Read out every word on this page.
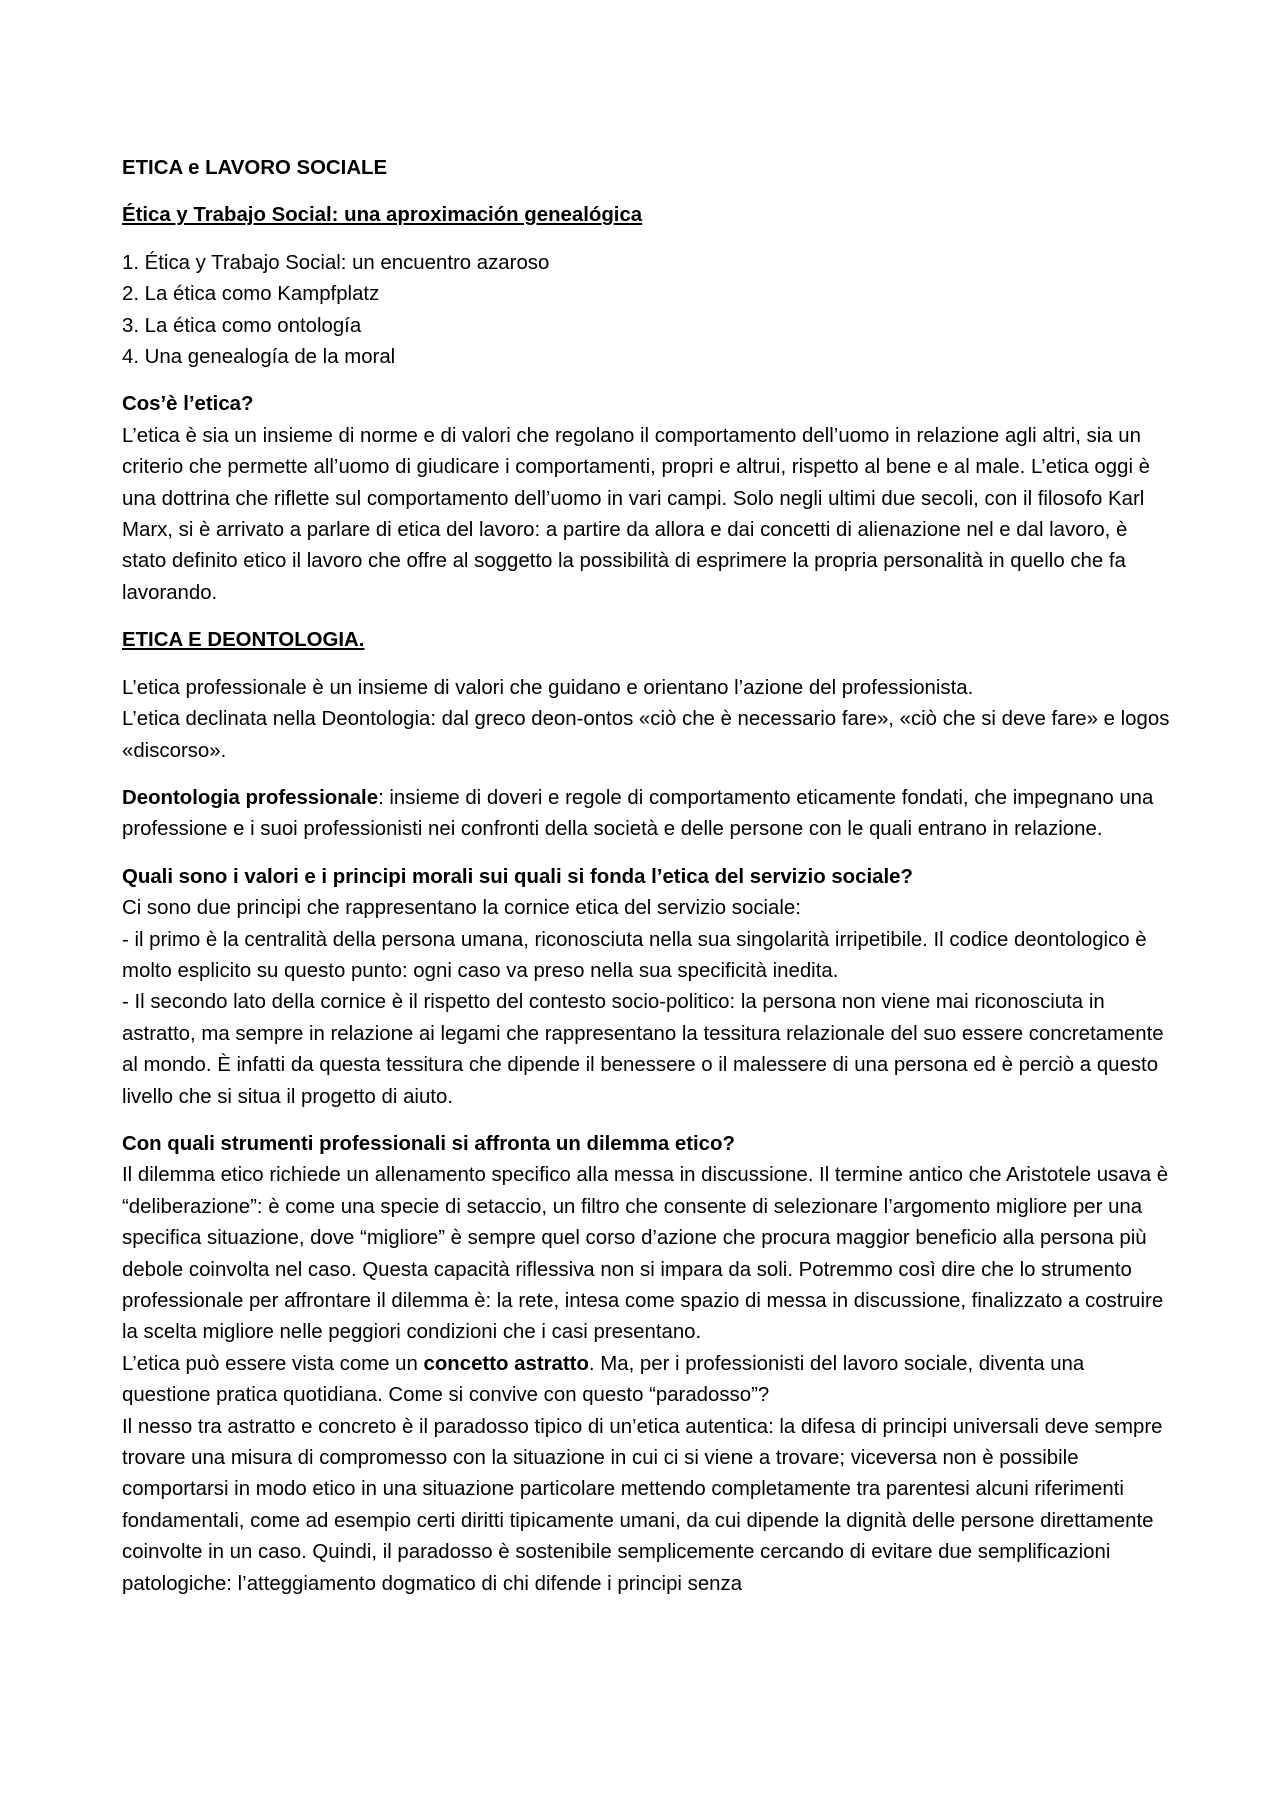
ETICA e LAVORO SOCIALE
Ética y Trabajo Social: una aproximación genealógica
1. Ética y Trabajo Social: un encuentro azaroso
2. La ética como Kampfplatz
3. La ética como ontología
4. Una genealogía de la moral
Cos’è l’etica?
L’etica è sia un insieme di norme e di valori che regolano il comportamento dell’uomo in relazione agli altri, sia un criterio che permette all’uomo di giudicare i comportamenti, propri e altrui, rispetto al bene e al male. L’etica oggi è una dottrina che riflette sul comportamento dell’uomo in vari campi. Solo negli ultimi due secoli, con il filosofo Karl Marx, si è arrivato a parlare di etica del lavoro: a partire da allora e dai concetti di alienazione nel e dal lavoro, è stato definito etico il lavoro che offre al soggetto la possibilità di esprimere la propria personalità in quello che fa lavorando.
ETICA E DEONTOLOGIA.
L’etica professionale è un insieme di valori che guidano e orientano l’azione del professionista.
L’etica declinata nella Deontologia: dal greco deon-ontos «ciò che è necessario fare», «ciò che si deve fare» e logos «discorso».
Deontologia professionale: insieme di doveri e regole di comportamento eticamente fondati, che impegnano una professione e i suoi professionisti nei confronti della società e delle persone con le quali entrano in relazione.
Quali sono i valori e i principi morali sui quali si fonda l’etica del servizio sociale?
Ci sono due principi che rappresentano la cornice etica del servizio sociale:
- il primo è la centralità della persona umana, riconosciuta nella sua singolarità irripetibile. Il codice deontologico è molto esplicito su questo punto: ogni caso va preso nella sua specificità inedita.
- Il secondo lato della cornice è il rispetto del contesto socio-politico: la persona non viene mai riconosciuta in astratto, ma sempre in relazione ai legami che rappresentano la tessitura relazionale del suo essere concretamente al mondo. È infatti da questa tessitura che dipende il benessere o il malessere di una persona ed è perciò a questo livello che si situa il progetto di aiuto.
Con quali strumenti professionali si affronta un dilemma etico?
Il dilemma etico richiede un allenamento specifico alla messa in discussione. Il termine antico che Aristotele usava è “deliberazione”: è come una specie di setaccio, un filtro che consente di selezionare l’argomento migliore per una specifica situazione, dove “migliore” è sempre quel corso d’azione che procura maggior beneficio alla persona più debole coinvolta nel caso. Questa capacità riflessiva non si impara da soli. Potremmo così dire che lo strumento professionale per affrontare il dilemma è: la rete, intesa come spazio di messa in discussione, finalizzato a costruire la scelta migliore nelle peggiori condizioni che i casi presentano.
L’etica può essere vista come un concetto astratto. Ma, per i professionisti del lavoro sociale, diventa una questione pratica quotidiana. Come si convive con questo “paradosso”?
Il nesso tra astratto e concreto è il paradosso tipico di un’etica autentica: la difesa di principi universali deve sempre trovare una misura di compromesso con la situazione in cui ci si viene a trovare; viceversa non è possibile comportarsi in modo etico in una situazione particolare mettendo completamente tra parentesi alcuni riferimenti fondamentali, come ad esempio certi diritti tipicamente umani, da cui dipende la dignità delle persone direttamente coinvolte in un caso. Quindi, il paradosso è sostenibile semplicemente cercando di evitare due semplificazioni patologiche: l’atteggiamento dogmatico di chi difende i principi senza
